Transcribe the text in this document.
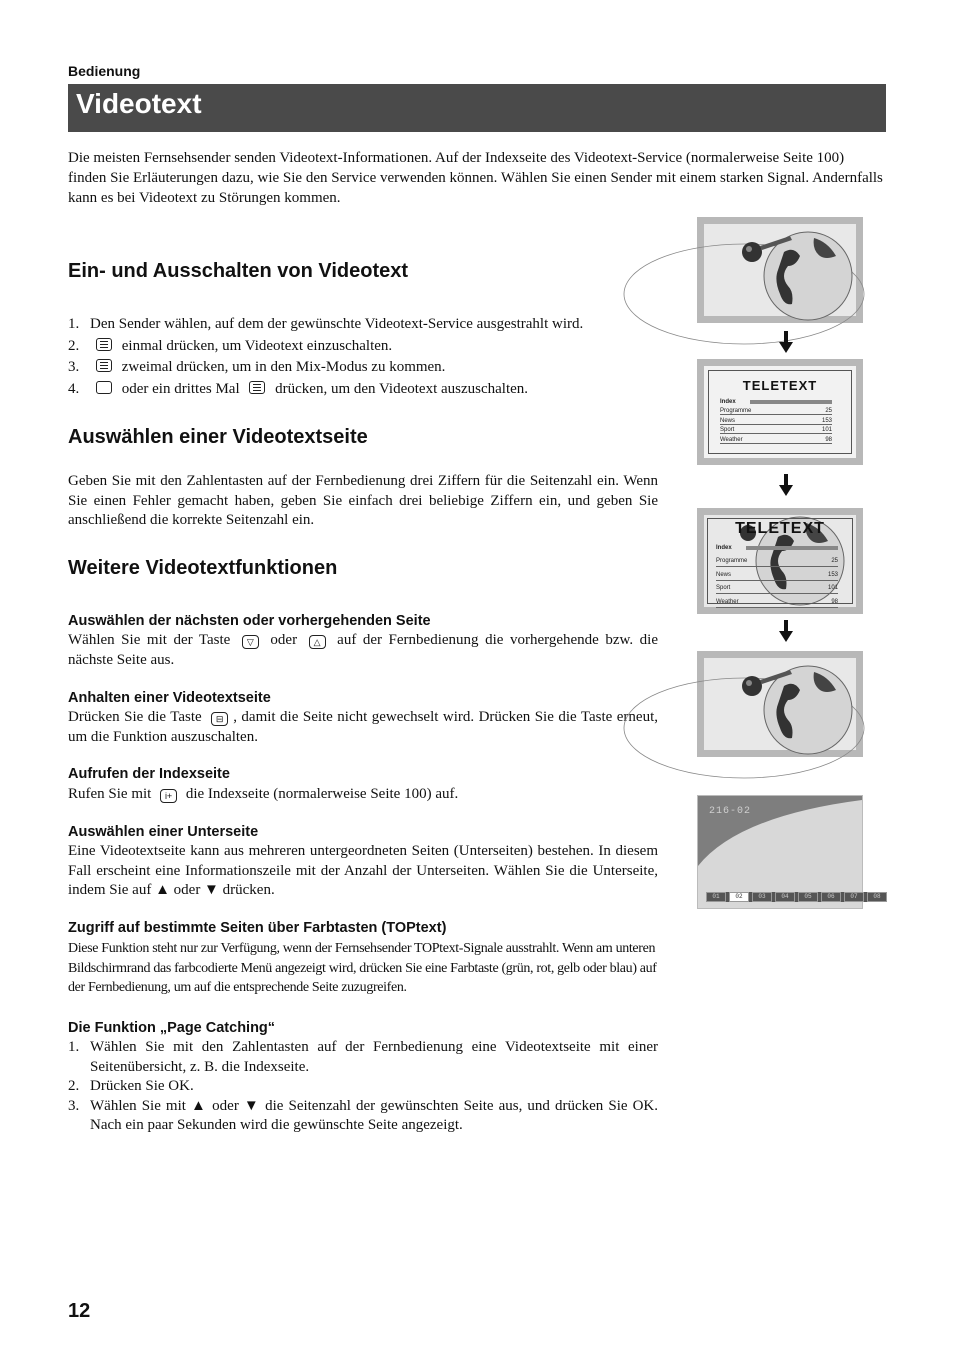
Bedienung
Videotext
Die meisten Fernsehsender senden Videotext-Informationen. Auf der Indexseite des Videotext-Service (normalerweise Seite 100) finden Sie Erläuterungen dazu, wie Sie den Service verwenden können. Wählen Sie einen Sender mit einem starken Signal. Andernfalls kann es bei Videotext zu Störungen kommen.
Ein- und Ausschalten von Videotext
1. Den Sender wählen, auf dem der gewünschte Videotext-Service ausgestrahlt wird.
2.	einmal drücken, um Videotext einzuschalten.
3.	zweimal drücken, um in den Mix-Modus zu kommen.
4.	oder ein drittes Mal drücken, um den Videotext auszuschalten.
Auswählen einer Videotextseite
Geben Sie mit den Zahlentasten auf der Fernbedienung drei Ziffern für die Seitenzahl ein. Wenn Sie einen Fehler gemacht haben, geben Sie einfach drei beliebige Ziffern ein, und geben Sie anschließend die korrekte Seitenzahl ein.
Weitere Videotextfunktionen
Auswählen der nächsten oder vorhergehenden Seite
Wählen Sie mit der Taste ▽ oder △ auf der Fernbedienung die vorhergehende bzw. die nächste Seite aus.
Anhalten einer Videotextseite
Drücken Sie die Taste ⊟ , damit die Seite nicht gewechselt wird. Drücken Sie die Taste erneut, um die Funktion auszuschalten.
Aufrufen der Indexseite
Rufen Sie mit i+ die Indexseite (normalerweise Seite 100) auf.
Auswählen einer Unterseite
Eine Videotextseite kann aus mehreren untergeordneten Seiten (Unterseiten) bestehen. In diesem Fall erscheint eine Informationszeile mit der Anzahl der Unterseiten. Wählen Sie die Unterseite, indem Sie auf ▲ oder ▼ drücken.
Zugriff auf bestimmte Seiten über Farbtasten (TOPtext)
Diese Funktion steht nur zur Verfügung, wenn der Fernsehsender TOPtext-Signale ausstrahlt. Wenn am unteren Bildschirmrand das farbcodierte Menü angezeigt wird, drücken Sie eine Farbtaste (grün, rot, gelb oder blau) auf der Fernbedienung, um auf die entsprechende Seite zuzugreifen.
Die Funktion „Page Catching“
1. Wählen Sie mit den Zahlentasten auf der Fernbedienung eine Videotextseite mit einer Seitenübersicht, z. B. die Indexseite.
2. Drücken Sie OK.
3. Wählen Sie mit ▲ oder ▼ die Seitenzahl der gewünschten Seite aus, und drücken Sie OK. Nach ein paar Sekunden wird die gewünschte Seite angezeigt.
12
TELETEXT
Index
Programme	25
News	153
Sport	101
Weather	98
TELETEXT
Index
Programme	25
News	153
Sport	101
Weather	98
216-02
01	02	03	04	05	06	07	08
